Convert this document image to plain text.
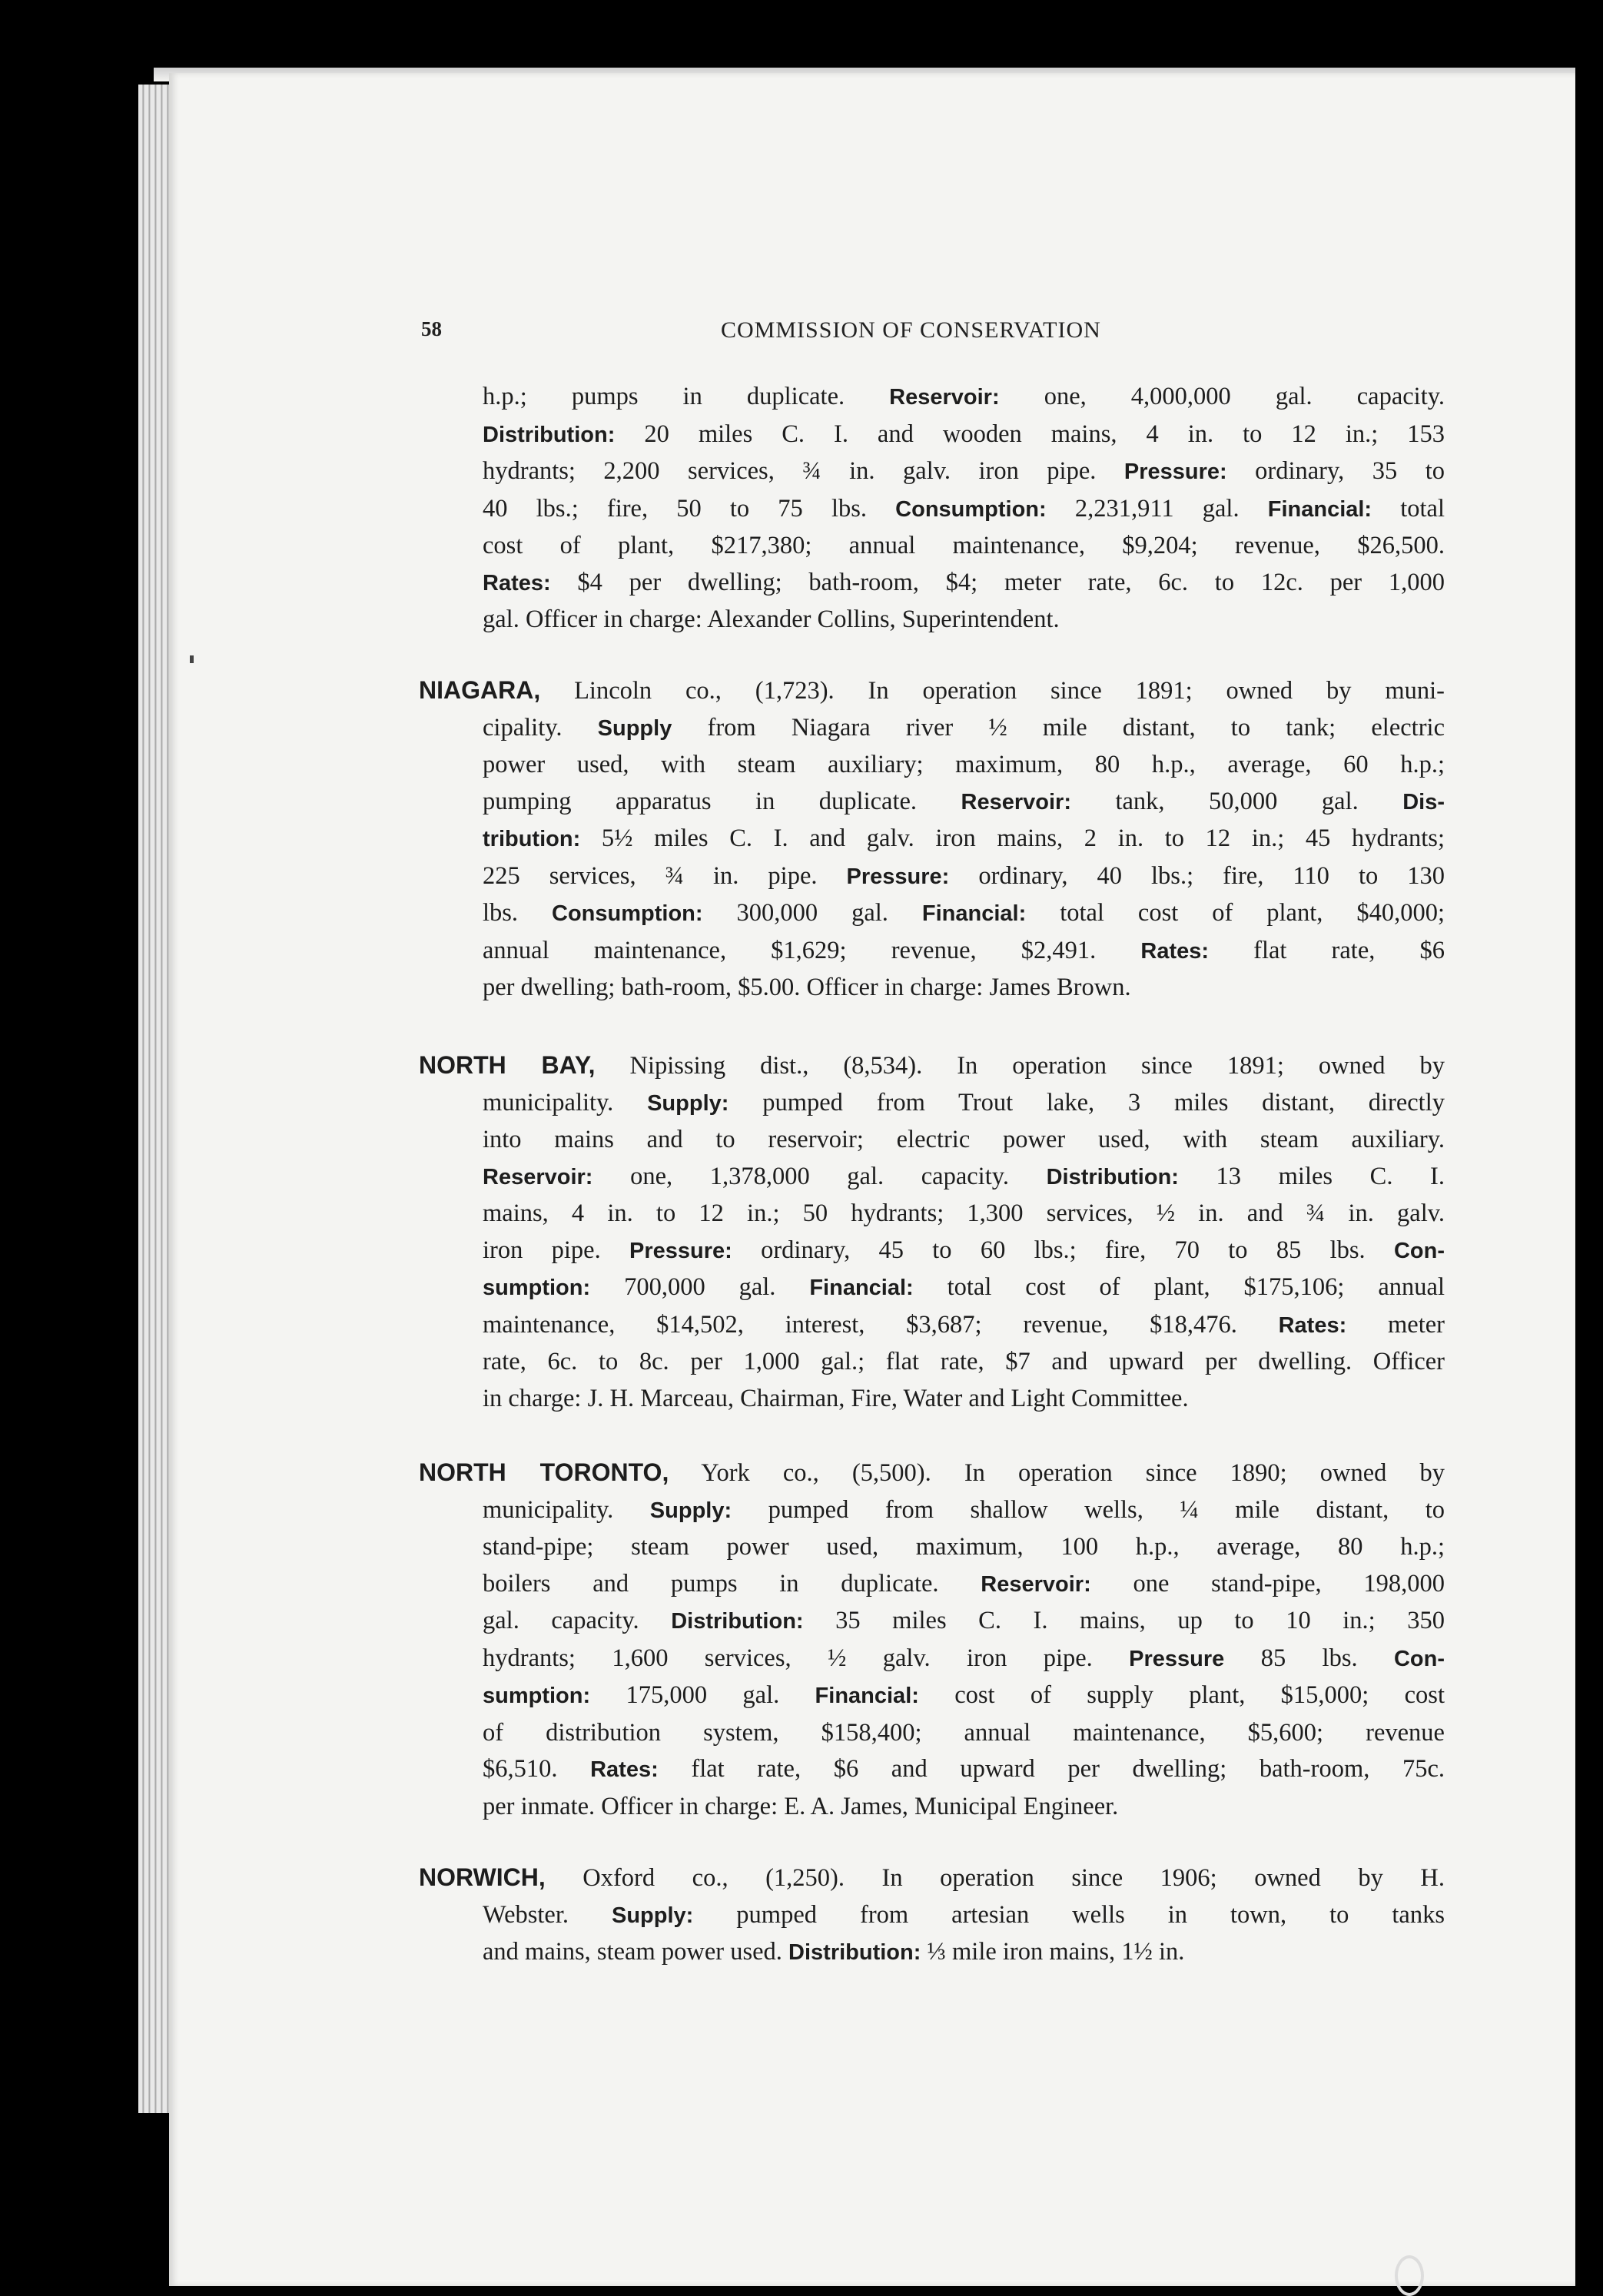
58	COMMISSION OF CONSERVATION
h.p.; pumps in duplicate. Reservoir: one, 4,000,000 gal. capacity.
Distribution: 20 miles C. I. and wooden mains, 4 in. to 12 in.; 153
hydrants; 2,200 services, ¾ in. galv. iron pipe. Pressure: ordinary, 35 to
40 lbs.; fire, 50 to 75 lbs. Consumption: 2,231,911 gal. Financial: total
cost of plant, $217,380; annual maintenance, $9,204; revenue, $26,500.
Rates: $4 per dwelling; bath-room, $4; meter rate, 6c. to 12c. per 1,000
gal. Officer in charge: Alexander Collins, Superintendent.
NIAGARA, Lincoln co., (1,723). In operation since 1891; owned by muni-
cipality. Supply from Niagara river ½ mile distant, to tank; electric
power used, with steam auxiliary; maximum, 80 h.p., average, 60 h.p.;
pumping apparatus in duplicate. Reservoir: tank, 50,000 gal. Dis-
tribution: 5½ miles C. I. and galv. iron mains, 2 in. to 12 in.; 45 hydrants;
225 services, ¾ in. pipe. Pressure: ordinary, 40 lbs.; fire, 110 to 130
lbs. Consumption: 300,000 gal. Financial: total cost of plant, $40,000;
annual maintenance, $1,629; revenue, $2,491. Rates: flat rate, $6
per dwelling; bath-room, $5.00. Officer in charge: James Brown.
NORTH BAY, Nipissing dist., (8,534). In operation since 1891; owned by
municipality. Supply: pumped from Trout lake, 3 miles distant, directly
into mains and to reservoir; electric power used, with steam auxiliary.
Reservoir: one, 1,378,000 gal. capacity. Distribution: 13 miles C. I.
mains, 4 in. to 12 in.; 50 hydrants; 1,300 services, ½ in. and ¾ in. galv.
iron pipe. Pressure: ordinary, 45 to 60 lbs.; fire, 70 to 85 lbs. Con-
sumption: 700,000 gal. Financial: total cost of plant, $175,106; annual
maintenance, $14,502, interest, $3,687; revenue, $18,476. Rates: meter
rate, 6c. to 8c. per 1,000 gal.; flat rate, $7 and upward per dwelling. Officer
in charge: J. H. Marceau, Chairman, Fire, Water and Light Committee.
NORTH TORONTO, York co., (5,500). In operation since 1890; owned by
municipality. Supply: pumped from shallow wells, ¼ mile distant, to
stand-pipe; steam power used, maximum, 100 h.p., average, 80 h.p.;
boilers and pumps in duplicate. Reservoir: one stand-pipe, 198,000
gal. capacity. Distribution: 35 miles C. I. mains, up to 10 in.; 350
hydrants; 1,600 services, ½ galv. iron pipe. Pressure 85 lbs. Con-
sumption: 175,000 gal. Financial: cost of supply plant, $15,000; cost
of distribution system, $158,400; annual maintenance, $5,600; revenue
$6,510. Rates: flat rate, $6 and upward per dwelling; bath-room, 75c.
per inmate. Officer in charge: E. A. James, Municipal Engineer.
NORWICH, Oxford co., (1,250). In operation since 1906; owned by H.
Webster. Supply: pumped from artesian wells in town, to tanks
and mains, steam power used. Distribution: ⅓ mile iron mains, 1½ in.
